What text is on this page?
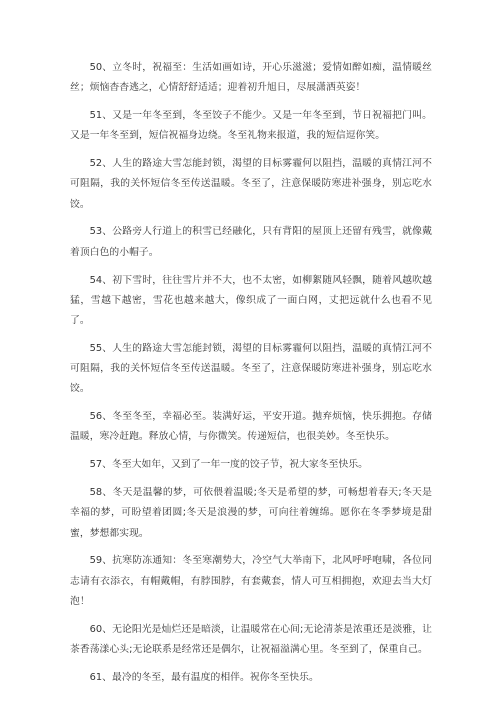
50、立冬时，祝福至：生活如画如诗，开心乐滋滋；爱情如醉如痴，温情暖丝丝；烦恼杳杳逃之，心情舒舒适适；迎着初升旭日，尽展潇洒英姿！

51、又是一年冬至到，冬至饺子不能少。又是一年冬至到，节日祝福把门叫。又是一年冬至到，短信祝福身边绕。冬至礼物来报道，我的短信逗你笑。

52、人生的路途大雪怎能封锁，渴望的目标雾霾何以阻挡，温暖的真情江河不可阻隔，我的关怀短信冬至传送温暖。冬至了，注意保暖防寒进补强身，别忘吃水饺。

53、公路旁人行道上的积雪已经融化，只有背阳的屋顶上还留有残雪，就像戴着顶白色的小帽子。

54、初下雪时，往往雪片并不大，也不太密，如柳絮随风轻飘，随着风越吹越猛，雪越下越密，雪花也越来越大，像织成了一面白网，丈把远就什么也看不见了。

55、人生的路途大雪怎能封锁，渴望的目标雾霾何以阻挡，温暖的真情江河不可阻隔，我的关怀短信冬至传送温暖。冬至了，注意保暖防寒进补强身，别忘吃水饺。

56、冬至冬至，幸福必至。装满好运，平安开道。抛弃烦恼，快乐拥抱。存储温暖，寒冷赶跑。释放心情，与你微笑。传递短信，也很美妙。冬至快乐。

57、冬至大如年，又到了一年一度的饺子节，祝大家冬至快乐。

58、冬天是温馨的梦，可依偎着温暖;冬天是希望的梦，可畅想着春天;冬天是幸福的梦，可盼望着团圆;冬天是浪漫的梦，可向往着缠绵。愿你在冬季梦境是甜蜜，梦想都实现。

59、抗寒防冻通知：冬至寒潮势大，冷空气大举南下，北风呼呼咆啸，各位同志请有衣添衣，有帽戴帽，有脖围脖，有套戴套，情人可互相拥抱，欢迎去当大灯泡！

60、无论阳光是灿烂还是暗淡，让温暖常在心间;无论清茶是浓重还是淡雅，让茶香荡漾心头;无论联系是经常还是偶尔，让祝福溢满心里。冬至到了，保重自己。

61、最冷的冬至，最有温度的相伴。祝你冬至快乐。
